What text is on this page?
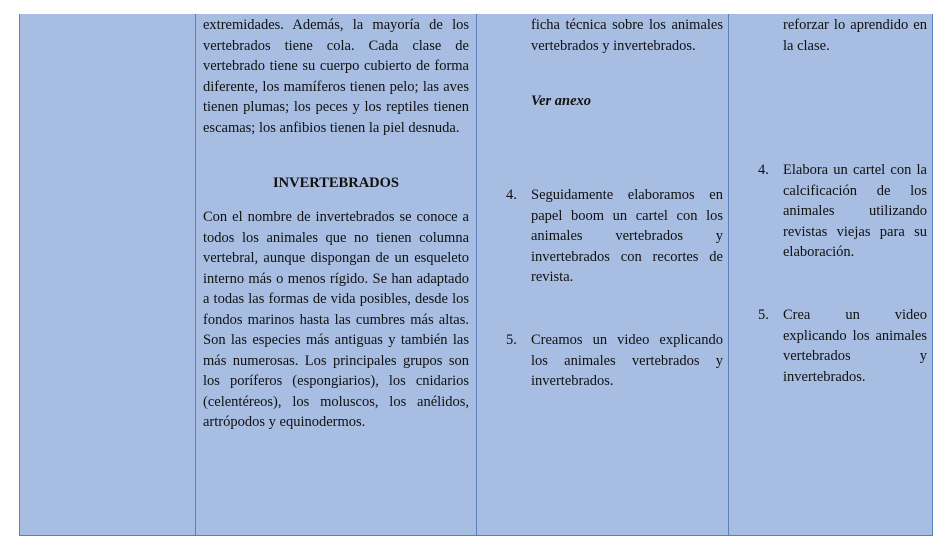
extremidades. Además, la mayoría de los vertebrados tiene cola. Cada clase de vertebrado tiene su cuerpo cubierto de forma diferente, los mamíferos tienen pelo; las aves tienen plumas; los peces y los reptiles tienen escamas; los anfibios tienen la piel desnuda.

INVERTEBRADOS

Con el nombre de invertebrados se conoce a todos los animales que no tienen columna vertebral, aunque dispongan de un esqueleto interno más o menos rígido. Se han adaptado a todas las formas de vida posibles, desde los fondos marinos hasta las cumbres más altas. Son las especies más antiguas y también las más numerosas. Los principales grupos son los poríferos (espongiarios), los cnidarios (celentéreos), los moluscos, los anélidos, artrópodos y equinodermos.

ficha técnica sobre los animales vertebrados y invertebrados.

Ver anexo

4. Seguidamente elaboramos en papel boom un cartel con los animales vertebrados y invertebrados con recortes de revista.
5. Creamos un video explicando los animales vertebrados y invertebrados.

reforzar lo aprendido en la clase.

4. Elabora un cartel con la calcificación de los animales utilizando revistas viejas para su elaboración.
5. Crea un video explicando los animales vertebrados y invertebrados.
